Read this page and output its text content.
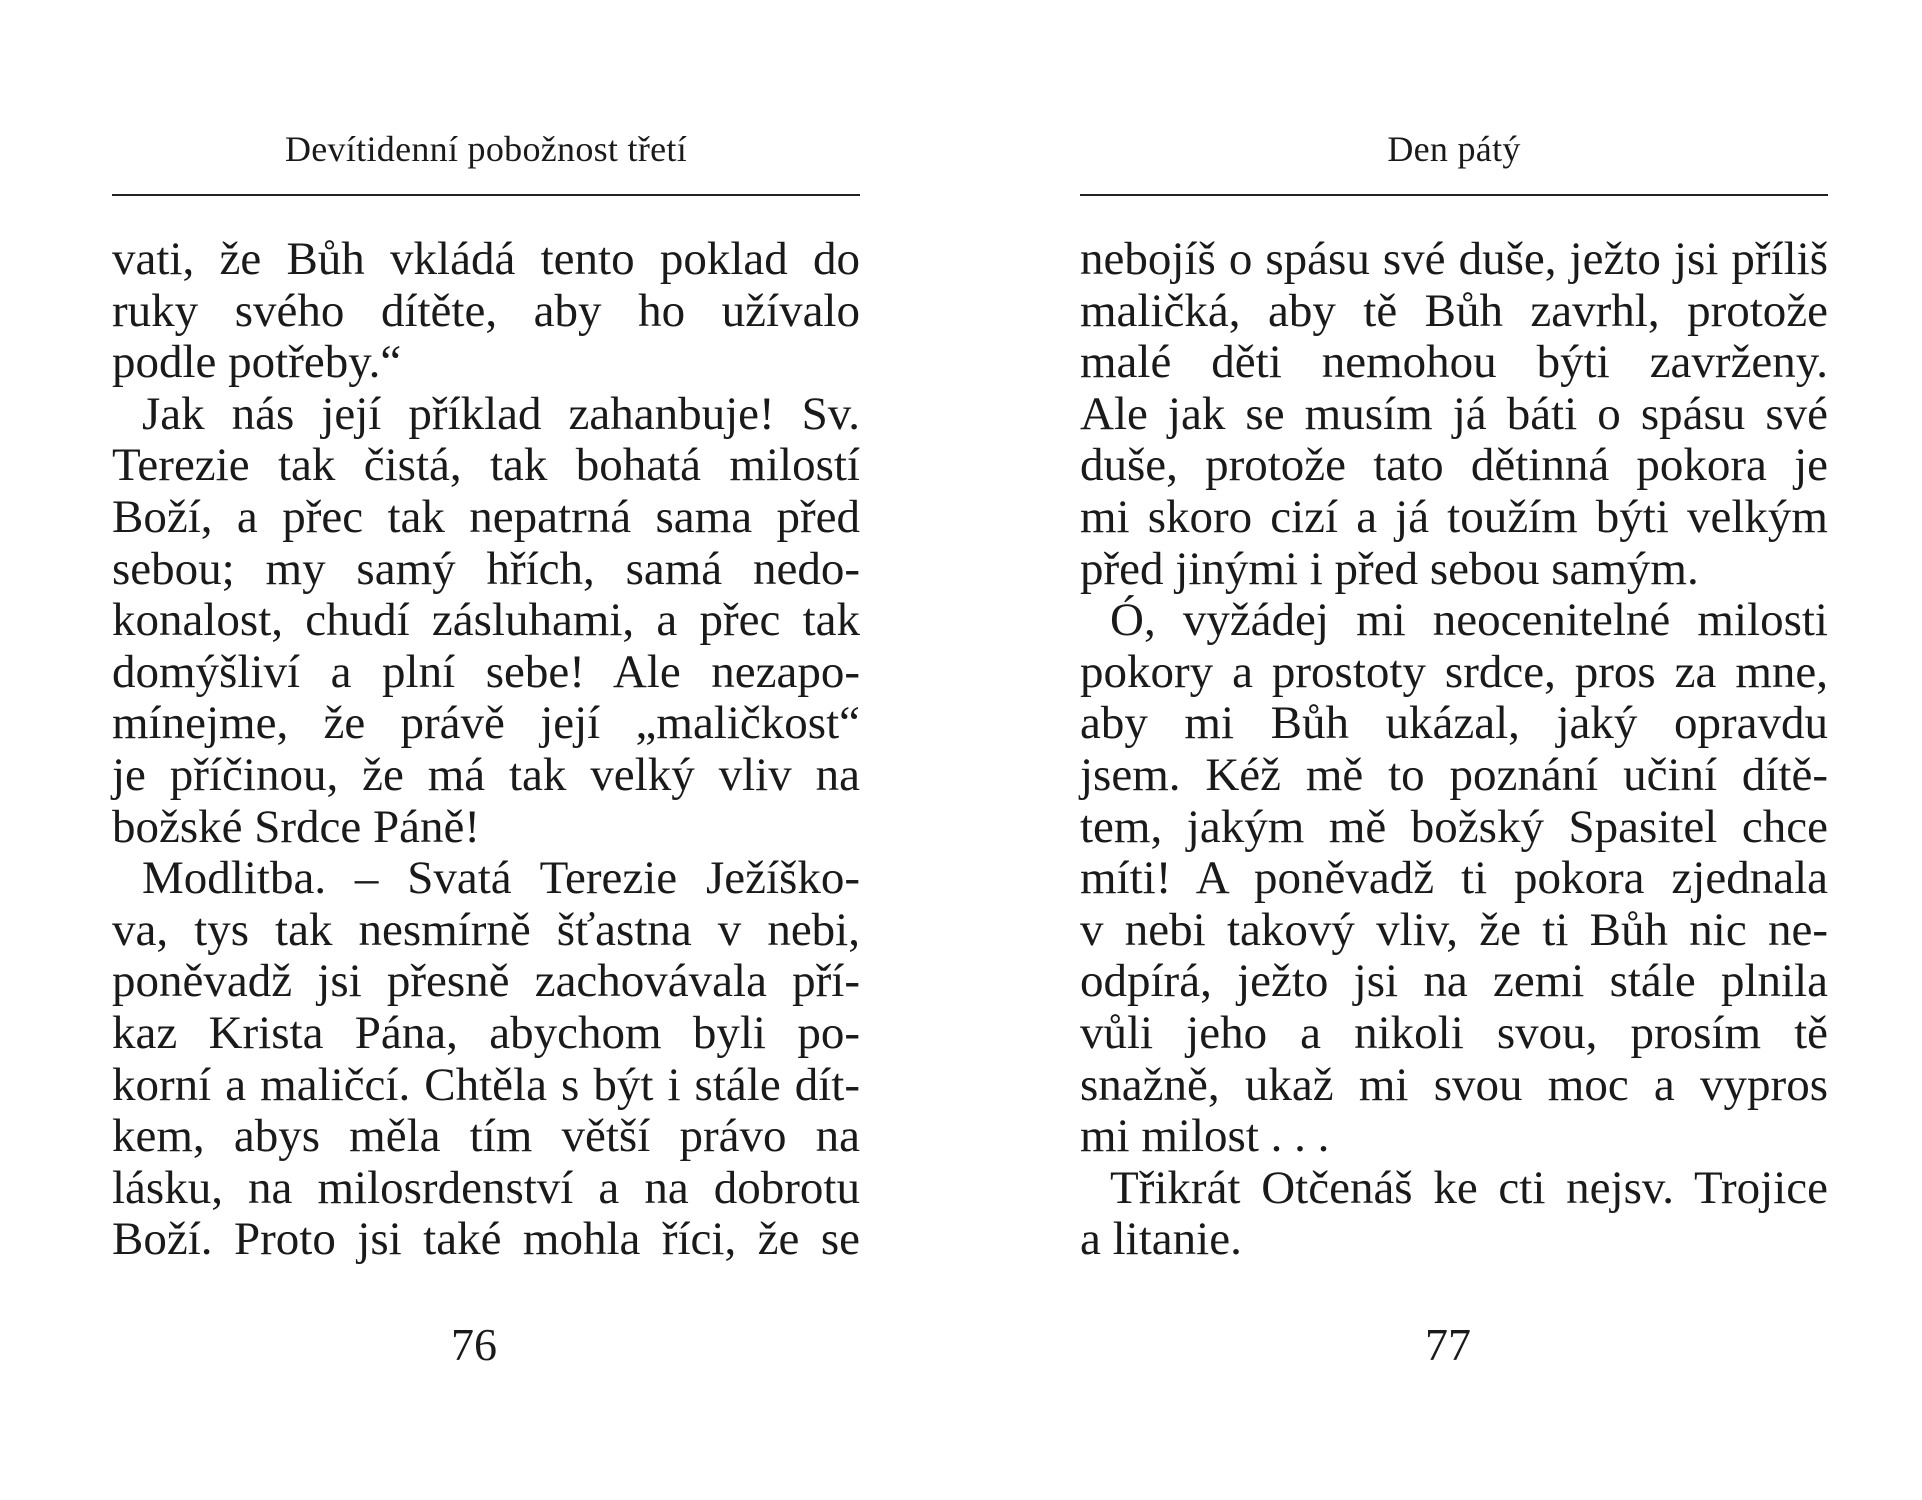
Devítidenní pobožnost třetí
vati, že Bůh vkládá tento poklad do
ruky svého dítěte, aby ho užívalo
podle potřeby.“
Jak nás její příklad zahanbuje! Sv.
Terezie tak čistá, tak bohatá milostí
Boží, a přec tak nepatrná sama před
sebou; my samý hřích, samá nedo-
konalost, chudí zásluhami, a přec tak
domýšliví a plní sebe! Ale nezapo-
mínejme, že právě její „maličkost“
je příčinou, že má tak velký vliv na
božské Srdce Páně!
Modlitba. – Svatá Terezie Ježíško-
va, tys tak nesmírně šťastna v nebi,
poněvadž jsi přesně zachovávala pří-
kaz Krista Pána, abychom byli po-
korní a maličcí. Chtěla s být i stále dít-
kem, abys měla tím větší právo na
lásku, na milosrdenství a na dobrotu
Boží. Proto jsi také mohla říci, že se
76
Den pátý
nebojíš o spásu své duše, ježto jsi příliš
maličká, aby tě Bůh zavrhl, protože
malé děti nemohou býti zavrženy.
Ale jak se musím já báti o spásu své
duše, protože tato dětinná pokora je
mi skoro cizí a já toužím býti velkým
před jinými i před sebou samým.
Ó, vyžádej mi neocenitelné milosti
pokory a prostoty srdce, pros za mne,
aby mi Bůh ukázal, jaký opravdu
jsem. Kéž mě to poznání učiní dítě-
tem, jakým mě božský Spasitel chce
míti! A poněvadž ti pokora zjednala
v nebi takový vliv, že ti Bůh nic ne-
odpírá, ježto jsi na zemi stále plnila
vůli jeho a nikoli svou, prosím tě
snažně, ukaž mi svou moc a vypros
mi milost . . .
Třikrát Otčenáš ke cti nejsv. Trojice
a litanie.
77
